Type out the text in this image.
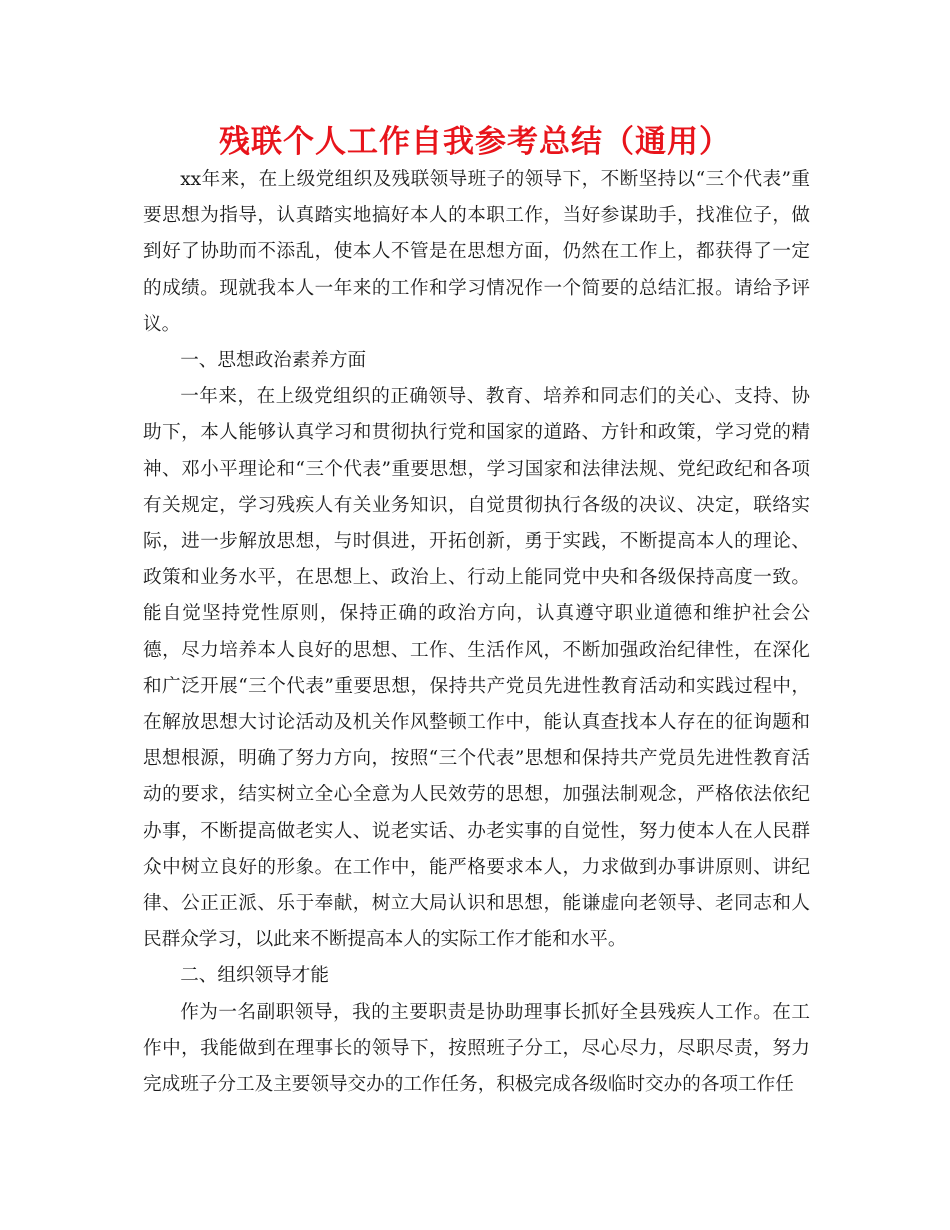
残联个人工作自我参考总结（通用）

xx年来，在上级党组织及残联领导班子的领导下，不断坚持以“三个代表”重要思想为指导，认真踏实地搞好本人的本职工作，当好参谋助手，找准位子，做到好了协助而不添乱，使本人不管是在思想方面，仍然在工作上，都获得了一定的成绩。现就我本人一年来的工作和学习情况作一个简要的总结汇报。请给予评议。

一、思想政治素养方面

一年来，在上级党组织的正确领导、教育、培养和同志们的关心、支持、协助下，本人能够认真学习和贯彻执行党和国家的道路、方针和政策，学习党的精神、邓小平理论和“三个代表”重要思想，学习国家和法律法规、党纪政纪和各项有关规定，学习残疾人有关业务知识，自觉贯彻执行各级的决议、决定，联络实际，进一步解放思想，与时俱进，开拓创新，勇于实践，不断提高本人的理论、政策和业务水平，在思想上、政治上、行动上能同党中央和各级保持高度一致。能自觉坚持党性原则，保持正确的政治方向，认真遵守职业道德和维护社会公德，尽力培养本人良好的思想、工作、生活作风，不断加强政治纪律性，在深化和广泛开展“三个代表”重要思想，保持共产党员先进性教育活动和实践过程中，在解放思想大讨论活动及机关作风整顿工作中，能认真查找本人存在的征询题和思想根源，明确了努力方向，按照“三个代表”思想和保持共产党员先进性教育活动的要求，结实树立全心全意为人民效劳的思想，加强法制观念，严格依法依纪办事，不断提高做老实人、说老实话、办老实事的自觉性，努力使本人在人民群众中树立良好的形象。在工作中，能严格要求本人，力求做到办事讲原则、讲纪律、公正正派、乐于奉献，树立大局认识和思想，能谦虚向老领导、老同志和人民群众学习，以此来不断提高本人的实际工作才能和水平。

二、组织领导才能

作为一名副职领导，我的主要职责是协助理事长抓好全县残疾人工作。在工作中，我能做到在理事长的领导下，按照班子分工，尽心尽力，尽职尽责，努力完成班子分工及主要领导交办的工作任务，积极完成各级临时交办的各项工作任
